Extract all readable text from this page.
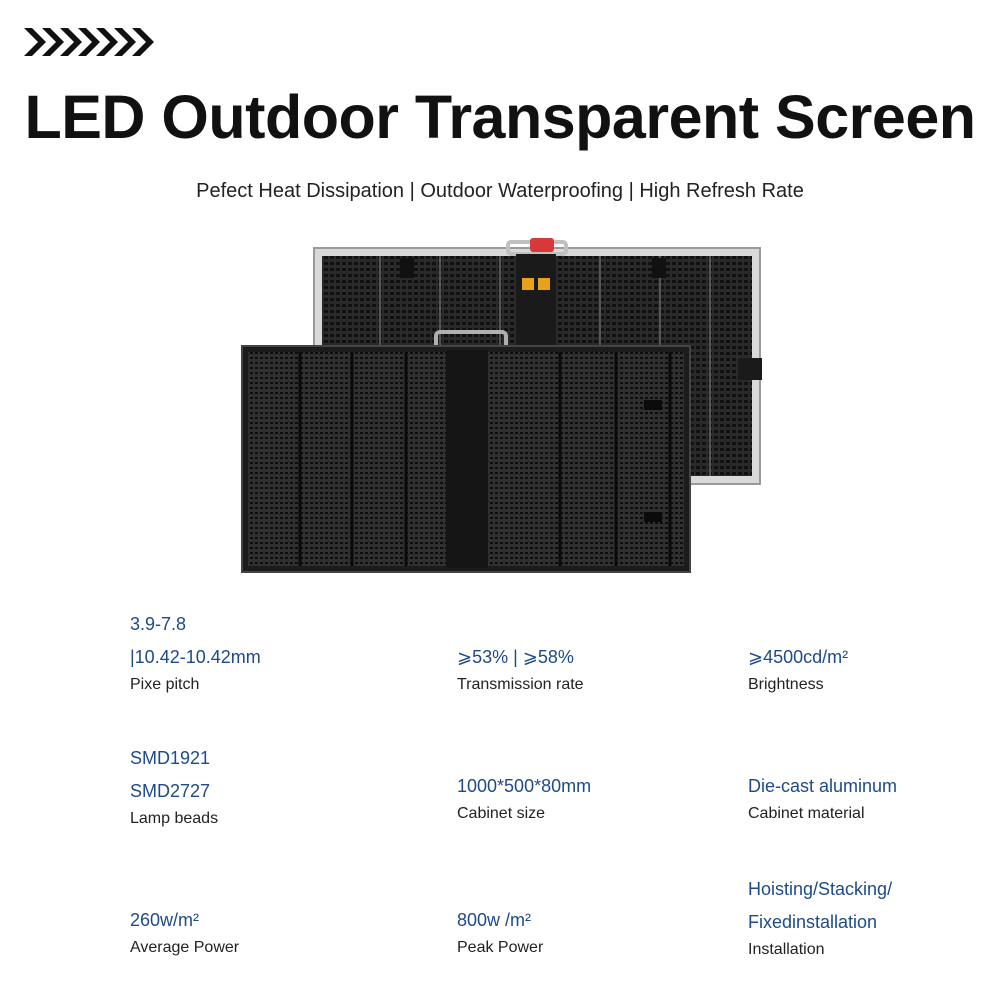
LED Outdoor Transparent Screen
Pefect Heat Dissipation | Outdoor Waterproofing | High Refresh Rate
3.9-7.8
|10.42-10.42mm
Pixe pitch
⩾53% | ⩾58%
Transmission rate
⩾4500cd/m²
Brightness
SMD1921
SMD2727
Lamp beads
1000*500*80mm
Cabinet size
Die-cast aluminum
Cabinet material
260w/m²
Average Power
800w /m²
Peak Power
Hoisting/Stacking/
Fixedinstallation
Installation
